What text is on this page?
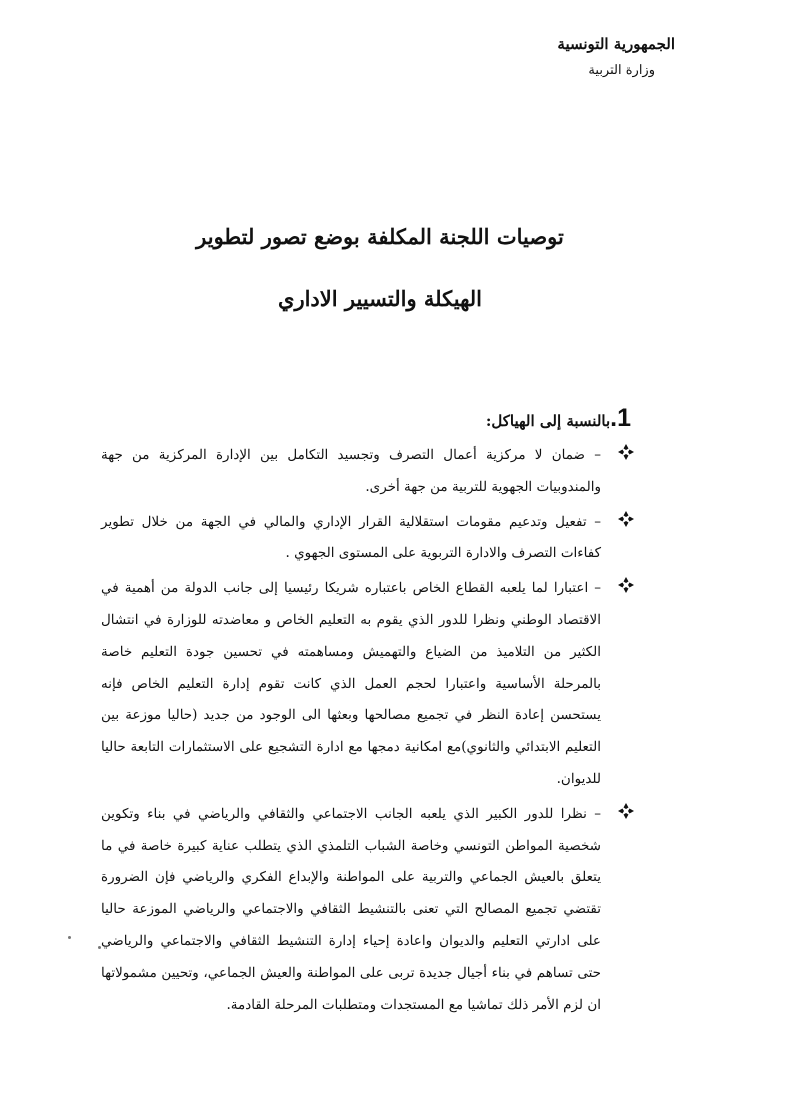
الجمهورية التونسية
وزارة التربية
توصيات اللجنة المكلفة بوضع تصور لتطوير
الهيكلة والتسيير الاداري
1.بالنسبة إلى الهياكل:
– ضمان لا مركزية أعمال التصرف وتجسيد التكامل بين الإدارة المركزية من جهة والمندوبيات الجهوية للتربية من جهة أخرى.
– تفعيل وتدعيم مقومات استقلالية القرار الإداري والمالي في الجهة من خلال تطوير كفاءات التصرف والادارة التربوية على المستوى الجهوي .
– اعتبارا لما يلعبه القطاع الخاص باعتباره شريكا رئيسيا إلى جانب الدولة من أهمية في الاقتصاد الوطني ونظرا للدور الذي يقوم به التعليم الخاص و معاضدته للوزارة في انتشال الكثير من التلاميذ من الضياع والتهميش ومساهمته في تحسين جودة التعليم خاصة بالمرحلة الأساسية واعتبارا لحجم العمل الذي كانت تقوم إدارة التعليم الخاص فإنه يستحسن إعادة النظر في تجميع مصالحها وبعثها الى الوجود من جديد (حاليا موزعة بين التعليم الابتدائي والثانوي)مع امكانية دمجها مع ادارة التشجيع على الاستثمارات التابعة حاليا للديوان.
– نظرا للدور الكبير الذي يلعبه الجانب الاجتماعي والثقافي والرياضي في بناء وتكوين شخصية المواطن التونسي وخاصة الشباب التلمذي الذي يتطلب عناية كبيرة خاصة في ما يتعلق بالعيش الجماعي والتربية على المواطنة والإبداع الفكري والرياضي فإن الضرورة تقتضي تجميع المصالح التي تعنى بالتنشيط الثقافي والاجتماعي والرياضي الموزعة حاليا على ادارتي التعليم والديوان واعادة إحياء إدارة التنشيط الثقافي والاجتماعي والرياضي حتى تساهم في بناء أجيال جديدة تربى على المواطنة والعيش الجماعي، وتحيين مشمولاتها ان لزم الأمر ذلك تماشيا مع المستجدات ومتطلبات المرحلة القادمة.
